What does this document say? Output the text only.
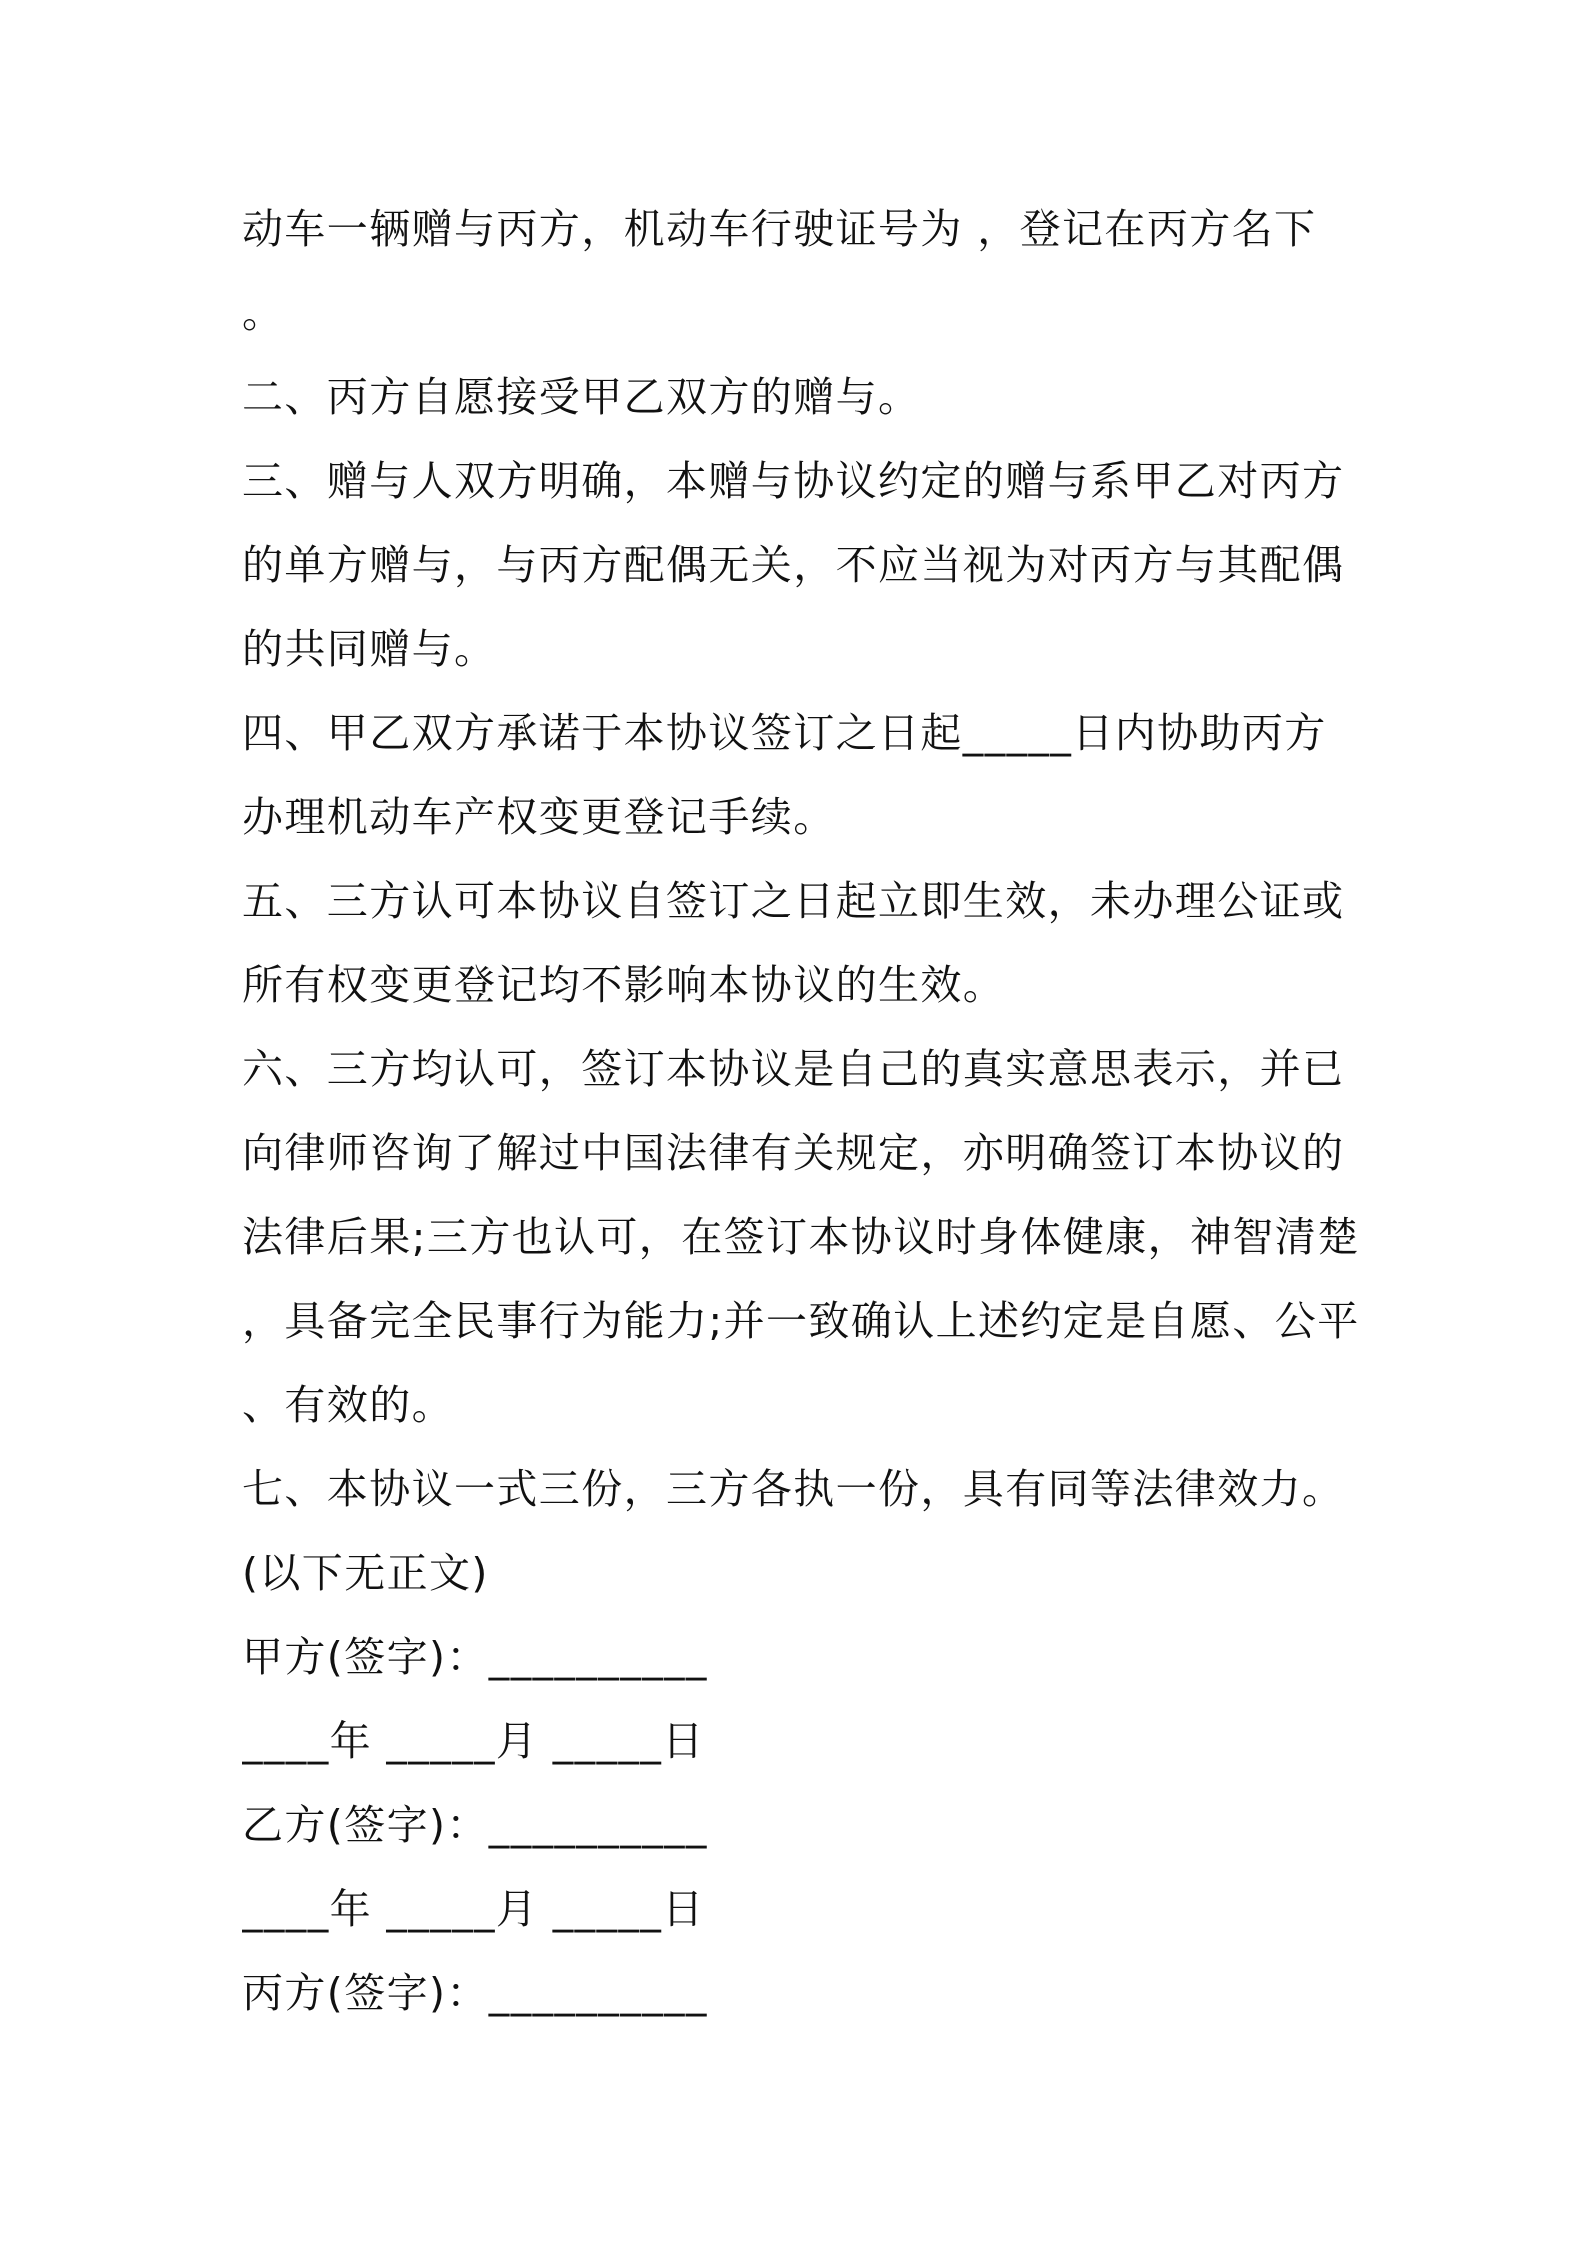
动车一辆赠与丙方，机动车行驶证号为 ，登记在丙方名下
。
二、丙方自愿接受甲乙双方的赠与。
三、赠与人双方明确，本赠与协议约定的赠与系甲乙对丙方
的单方赠与，与丙方配偶无关，不应当视为对丙方与其配偶
的共同赠与。
四、甲乙双方承诺于本协议签订之日起_____日内协助丙方
办理机动车产权变更登记手续。
五、三方认可本协议自签订之日起立即生效，未办理公证或
所有权变更登记均不影响本协议的生效。
六、三方均认可，签订本协议是自己的真实意思表示，并已
向律师咨询了解过中国法律有关规定，亦明确签订本协议的
法律后果;三方也认可，在签订本协议时身体健康，神智清楚
，具备完全民事行为能力;并一致确认上述约定是自愿、公平
、有效的。
七、本协议一式三份，三方各执一份，具有同等法律效力。
(以下无正文)
甲方(签字)：__________
____年 _____月 _____日
乙方(签字)：__________
____年 _____月 _____日
丙方(签字)：__________
